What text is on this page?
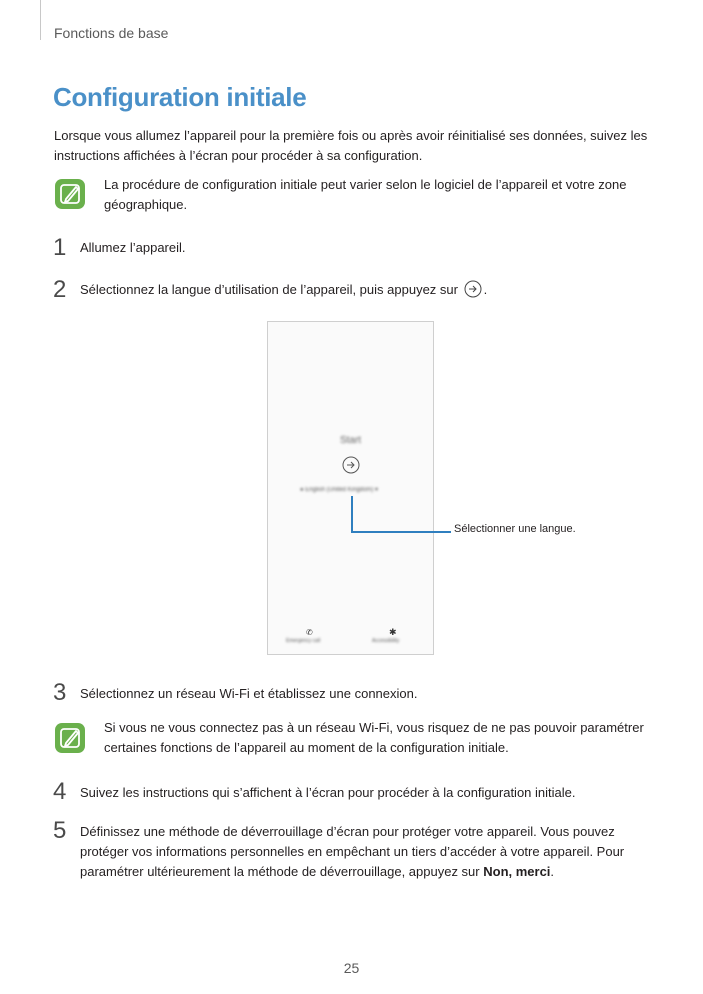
Fonctions de base
Configuration initiale
Lorsque vous allumez l’appareil pour la première fois ou après avoir réinitialisé ses données, suivez les instructions affichées à l’écran pour procéder à sa configuration.
La procédure de configuration initiale peut varier selon le logiciel de l’appareil et votre zone géographique.
1 Allumez l’appareil.
2 Sélectionnez la langue d’utilisation de l’appareil, puis appuyez sur .
Start
● English (United Kingdom) ▾
✆	✱
Emergency call	Accessibility
Sélectionner une langue.
3 Sélectionnez un réseau Wi-Fi et établissez une connexion.
Si vous ne vous connectez pas à un réseau Wi-Fi, vous risquez de ne pas pouvoir paramétrer certaines fonctions de l’appareil au moment de la configuration initiale.
4 Suivez les instructions qui s’affichent à l’écran pour procéder à la configuration initiale.
5 Définissez une méthode de déverrouillage d’écran pour protéger votre appareil. Vous pouvez protéger vos informations personnelles en empêchant un tiers d’accéder à votre appareil. Pour paramétrer ultérieurement la méthode de déverrouillage, appuyez sur Non, merci.
25
